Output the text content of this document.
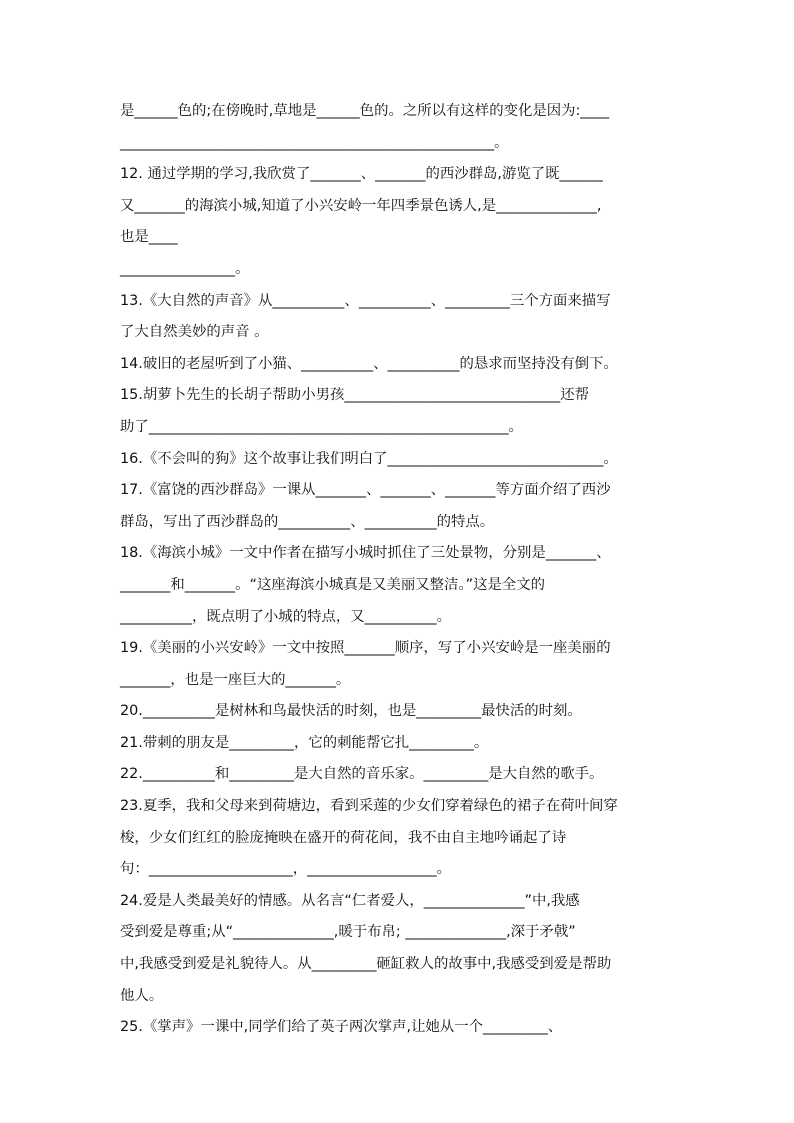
是______色的;在傍晚时,草地是______色的。之所以有这样的变化是因为:____
____________________________________________________。
12. 通过学期的学习,我欣赏了_______、_______的西沙群岛,游览了既______
又_______的海滨小城,知道了小兴安岭一年四季景色诱人,是______________,
也是____
________________。
13.《大自然的声音》从__________、__________、_________三个方面来描写
了大自然美妙的声音 。
14.破旧的老屋听到了小猫、__________、__________的恳求而坚持没有倒下。
15.胡萝卜先生的长胡子帮助小男孩______________________________还帮
助了__________________________________________________。
16.《不会叫的狗》这个故事让我们明白了______________________________。
17.《富饶的西沙群岛》一课从_______、_______、_______等方面介绍了西沙
群岛，写出了西沙群岛的__________、__________的特点。
18.《海滨小城》一文中作者在描写小城时抓住了三处景物，分别是_______、
_______和_______。“这座海滨小城真是又美丽又整洁。”这是全文的
__________，既点明了小城的特点，又__________。
19.《美丽的小兴安岭》一文中按照_______顺序，写了小兴安岭是一座美丽的
_______，也是一座巨大的_______。
20.__________是树林和鸟最快活的时刻，也是_________最快活的时刻。
21.带刺的朋友是_________，它的刺能帮它扎_________。
22.__________和_________是大自然的音乐家。_________是大自然的歌手。
23.夏季，我和父母来到荷塘边，看到采莲的少女们穿着绿色的裙子在荷叶间穿
梭，少女们红红的脸庞掩映在盛开的荷花间，我不由自主地吟诵起了诗
句：____________________，__________________。
24.爱是人类最美好的情感。从名言“仁者爱人，______________”中,我感
受到爱是尊重;从“______________,暖于布帛; ______________,深于矛戟”
中,我感受到爱是礼貌待人。从_________砸缸救人的故事中,我感受到爱是帮助
他人。
25.《掌声》一课中,同学们给了英子两次掌声,让她从一个_________、
